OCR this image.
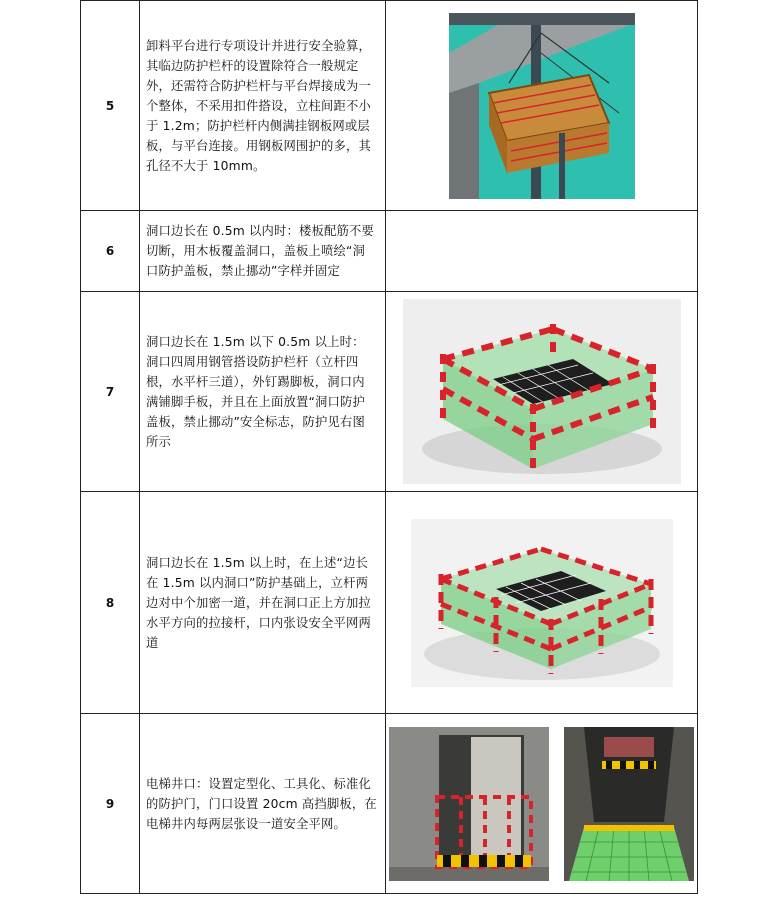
5	卸料平台进行专项设计并进行安全验算，其临边防护栏杆的设置除符合一般规定外，还需符合防护栏杆与平台焊接成为一个整体，不采用扣件搭设，立柱间距不小于 1.2m；防护栏杆内侧满挂钢板网或层板，与平台连接。用钢板网围护的多，其孔径不大于 10mm。	

6	洞口边长在 0.5m 以内时：楼板配筋不要切断，用木板覆盖洞口，盖板上喷绘“洞口防护盖板，禁止挪动”字样并固定	
7	洞口边长在 1.5m 以下 0.5m 以上时：洞口四周用钢管搭设防护栏杆（立杆四根，水平杆三道），外钉踢脚板，洞口内满铺脚手板，并且在上面放置“洞口防护盖板，禁止挪动”安全标志，防护见右图所示	

8	洞口边长在 1.5m 以上时，在上述“边长在 1.5m 以内洞口”防护基础上，立杆两边对中个加密一道，并在洞口正上方加拉水平方向的拉接杆，口内张设安全平网两道	

9	电梯井口：设置定型化、工具化、标准化的防护门，门口设置 20cm 高挡脚板，在电梯井内每两层张设一道安全平网。	
